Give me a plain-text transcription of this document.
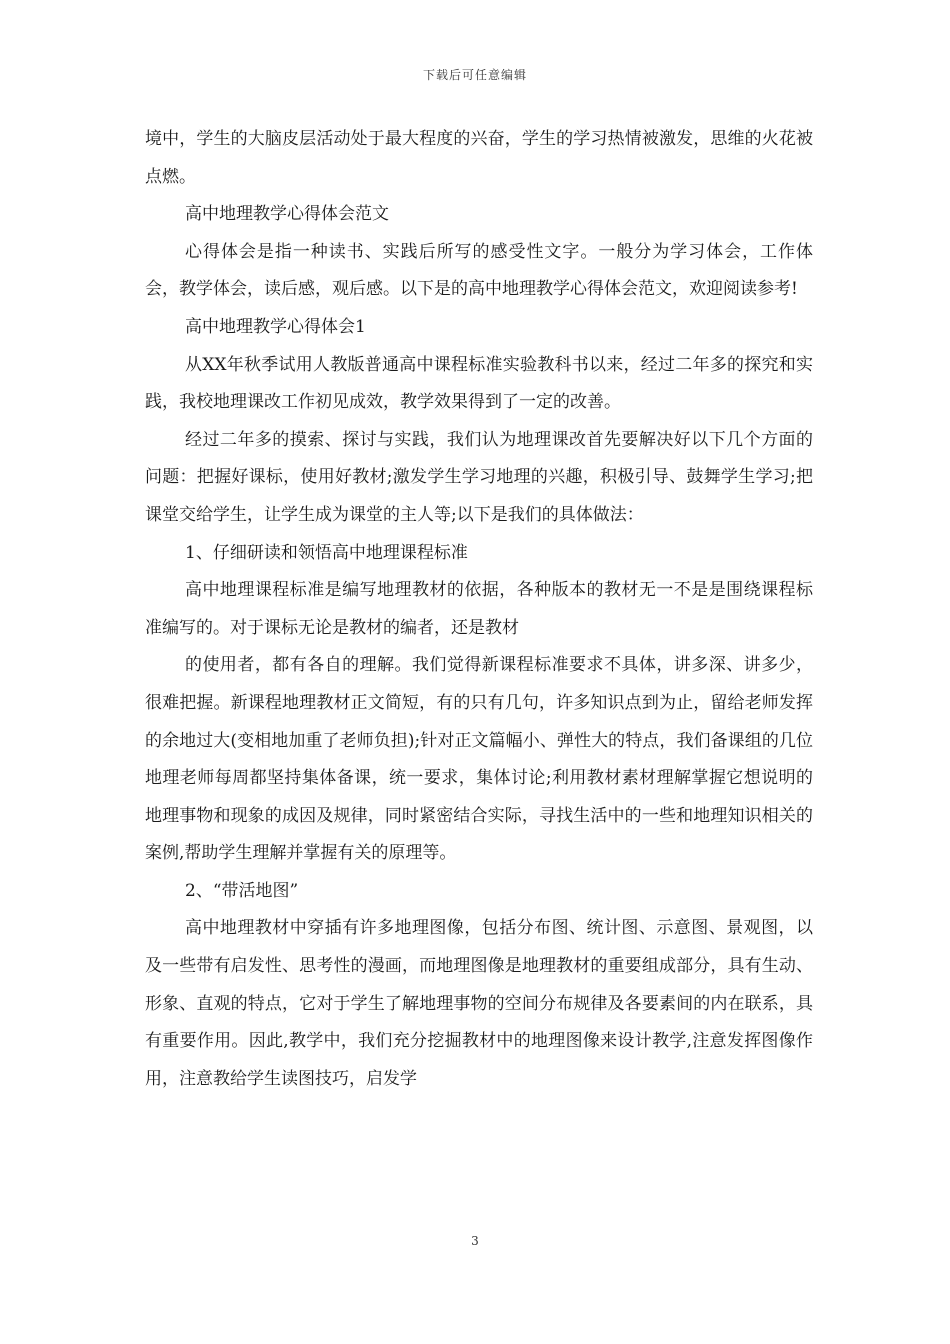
下载后可任意编辑

境中，学生的大脑皮层活动处于最大程度的兴奋，学生的学习热情被激发，思维的火花被点燃。

高中地理教学心得体会范文

心得体会是指一种读书、实践后所写的感受性文字。一般分为学习体会，工作体会，教学体会，读后感，观后感。以下是的高中地理教学心得体会范文，欢迎阅读参考!

高中地理教学心得体会1

从XX年秋季试用人教版普通高中课程标准实验教科书以来，经过二年多的探究和实践，我校地理课改工作初见成效，教学效果得到了一定的改善。

经过二年多的摸索、探讨与实践，我们认为地理课改首先要解决好以下几个方面的问题：把握好课标，使用好教材;激发学生学习地理的兴趣，积极引导、鼓舞学生学习;把课堂交给学生，让学生成为课堂的主人等;以下是我们的具体做法：

1、仔细研读和领悟高中地理课程标准

高中地理课程标准是编写地理教材的依据，各种版本的教材无一不是是围绕课程标准编写的。对于课标无论是教材的编者，还是教材

的使用者，都有各自的理解。我们觉得新课程标准要求不具体，讲多深、讲多少，很难把握。新课程地理教材正文简短，有的只有几句，许多知识点到为止，留给老师发挥的余地过大(变相地加重了老师负担);针对正文篇幅小、弹性大的特点，我们备课组的几位地理老师每周都坚持集体备课，统一要求，集体讨论;利用教材素材理解掌握它想说明的地理事物和现象的成因及规律，同时紧密结合实际，寻找生活中的一些和地理知识相关的案例,帮助学生理解并掌握有关的原理等。

2、“带活地图”

高中地理教材中穿插有许多地理图像，包括分布图、统计图、示意图、景观图，以及一些带有启发性、思考性的漫画，而地理图像是地理教材的重要组成部分，具有生动、形象、直观的特点，它对于学生了解地理事物的空间分布规律及各要素间的内在联系，具有重要作用。因此,教学中，我们充分挖掘教材中的地理图像来设计教学,注意发挥图像作用，注意教给学生读图技巧，启发学

3
